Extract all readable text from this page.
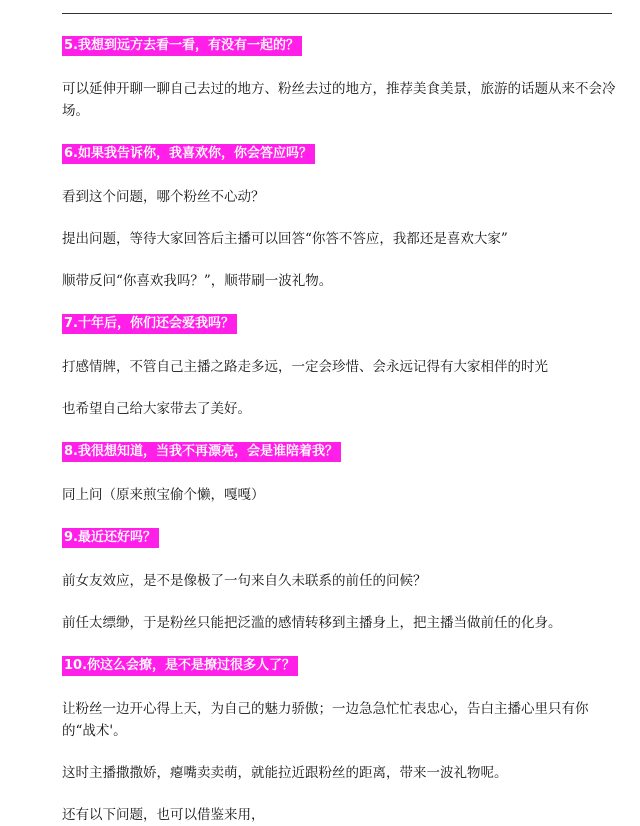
5.我想到远方去看一看，有没有一起的？

可以延伸开聊一聊自己去过的地方、粉丝去过的地方，推荐美食美景，旅游的话题从来不会冷场。

6.如果我告诉你，我喜欢你，你会答应吗？

看到这个问题，哪个粉丝不心动？

提出问题，等待大家回答后主播可以回答“你答不答应，我都还是喜欢大家”

顺带反问“你喜欢我吗？”，顺带刷一波礼物。

7.十年后，你们还会爱我吗？

打感情牌，不管自己主播之路走多远，一定会珍惜、会永远记得有大家相伴的时光

也希望自己给大家带去了美好。

8.我很想知道，当我不再漂亮，会是谁陪着我？

同上问（原来煎宝偷个懒，嘎嘎）

9.最近还好吗？

前女友效应，是不是像极了一句来自久未联系的前任的问候？

前任太缥缈，于是粉丝只能把泛滥的感情转移到主播身上，把主播当做前任的化身。

10.你这么会撩，是不是撩过很多人了？

让粉丝一边开心得上天，为自己的魅力骄傲；一边急急忙忙表忠心，告白主播心里只有你的“战术'。

这时主播撒撒娇，瘪嘴卖卖萌，就能拉近跟粉丝的距离，带来一波礼物呢。

还有以下问题，也可以借鉴来用，
